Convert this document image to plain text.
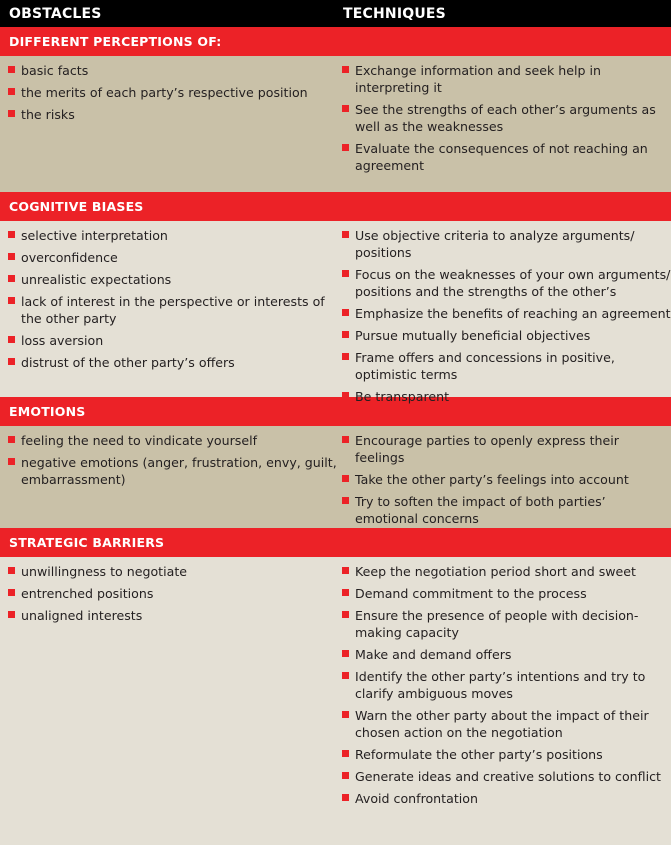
OBSTACLES	TECHNIQUES
DIFFERENT PERCEPTIONS OF:
basic facts
the merits of each party’s respective position
the risks
Exchange information and seek help in interpreting it
See the strengths of each other’s arguments as well as the weaknesses
Evaluate the consequences of not reaching an agreement
COGNITIVE BIASES
selective interpretation
overconfidence
unrealistic expectations
lack of interest in the perspective or interests of the other party
loss aversion
distrust of the other party’s offers
Use objective criteria to analyze arguments/ positions
Focus on the weaknesses of your own arguments/ positions and the strengths of the other’s
Emphasize the benefits of reaching an agreement
Pursue mutually beneficial objectives
Frame offers and concessions in positive, optimistic terms
Be transparent
EMOTIONS
feeling the need to vindicate yourself
negative emotions (anger, frustration, envy, guilt, embarrassment)
Encourage parties to openly express their feelings
Take the other party’s feelings into account
Try to soften the impact of both parties’ emotional concerns
STRATEGIC BARRIERS
unwillingness to negotiate
entrenched positions
unaligned interests
Keep the negotiation period short and sweet
Demand commitment to the process
Ensure the presence of people with decision-making capacity
Make and demand offers
Identify the other party’s intentions and try to clarify ambiguous moves
Warn the other party about the impact of their chosen action on the negotiation
Reformulate the other party’s positions
Generate ideas and creative solutions to conflict
Avoid confrontation
